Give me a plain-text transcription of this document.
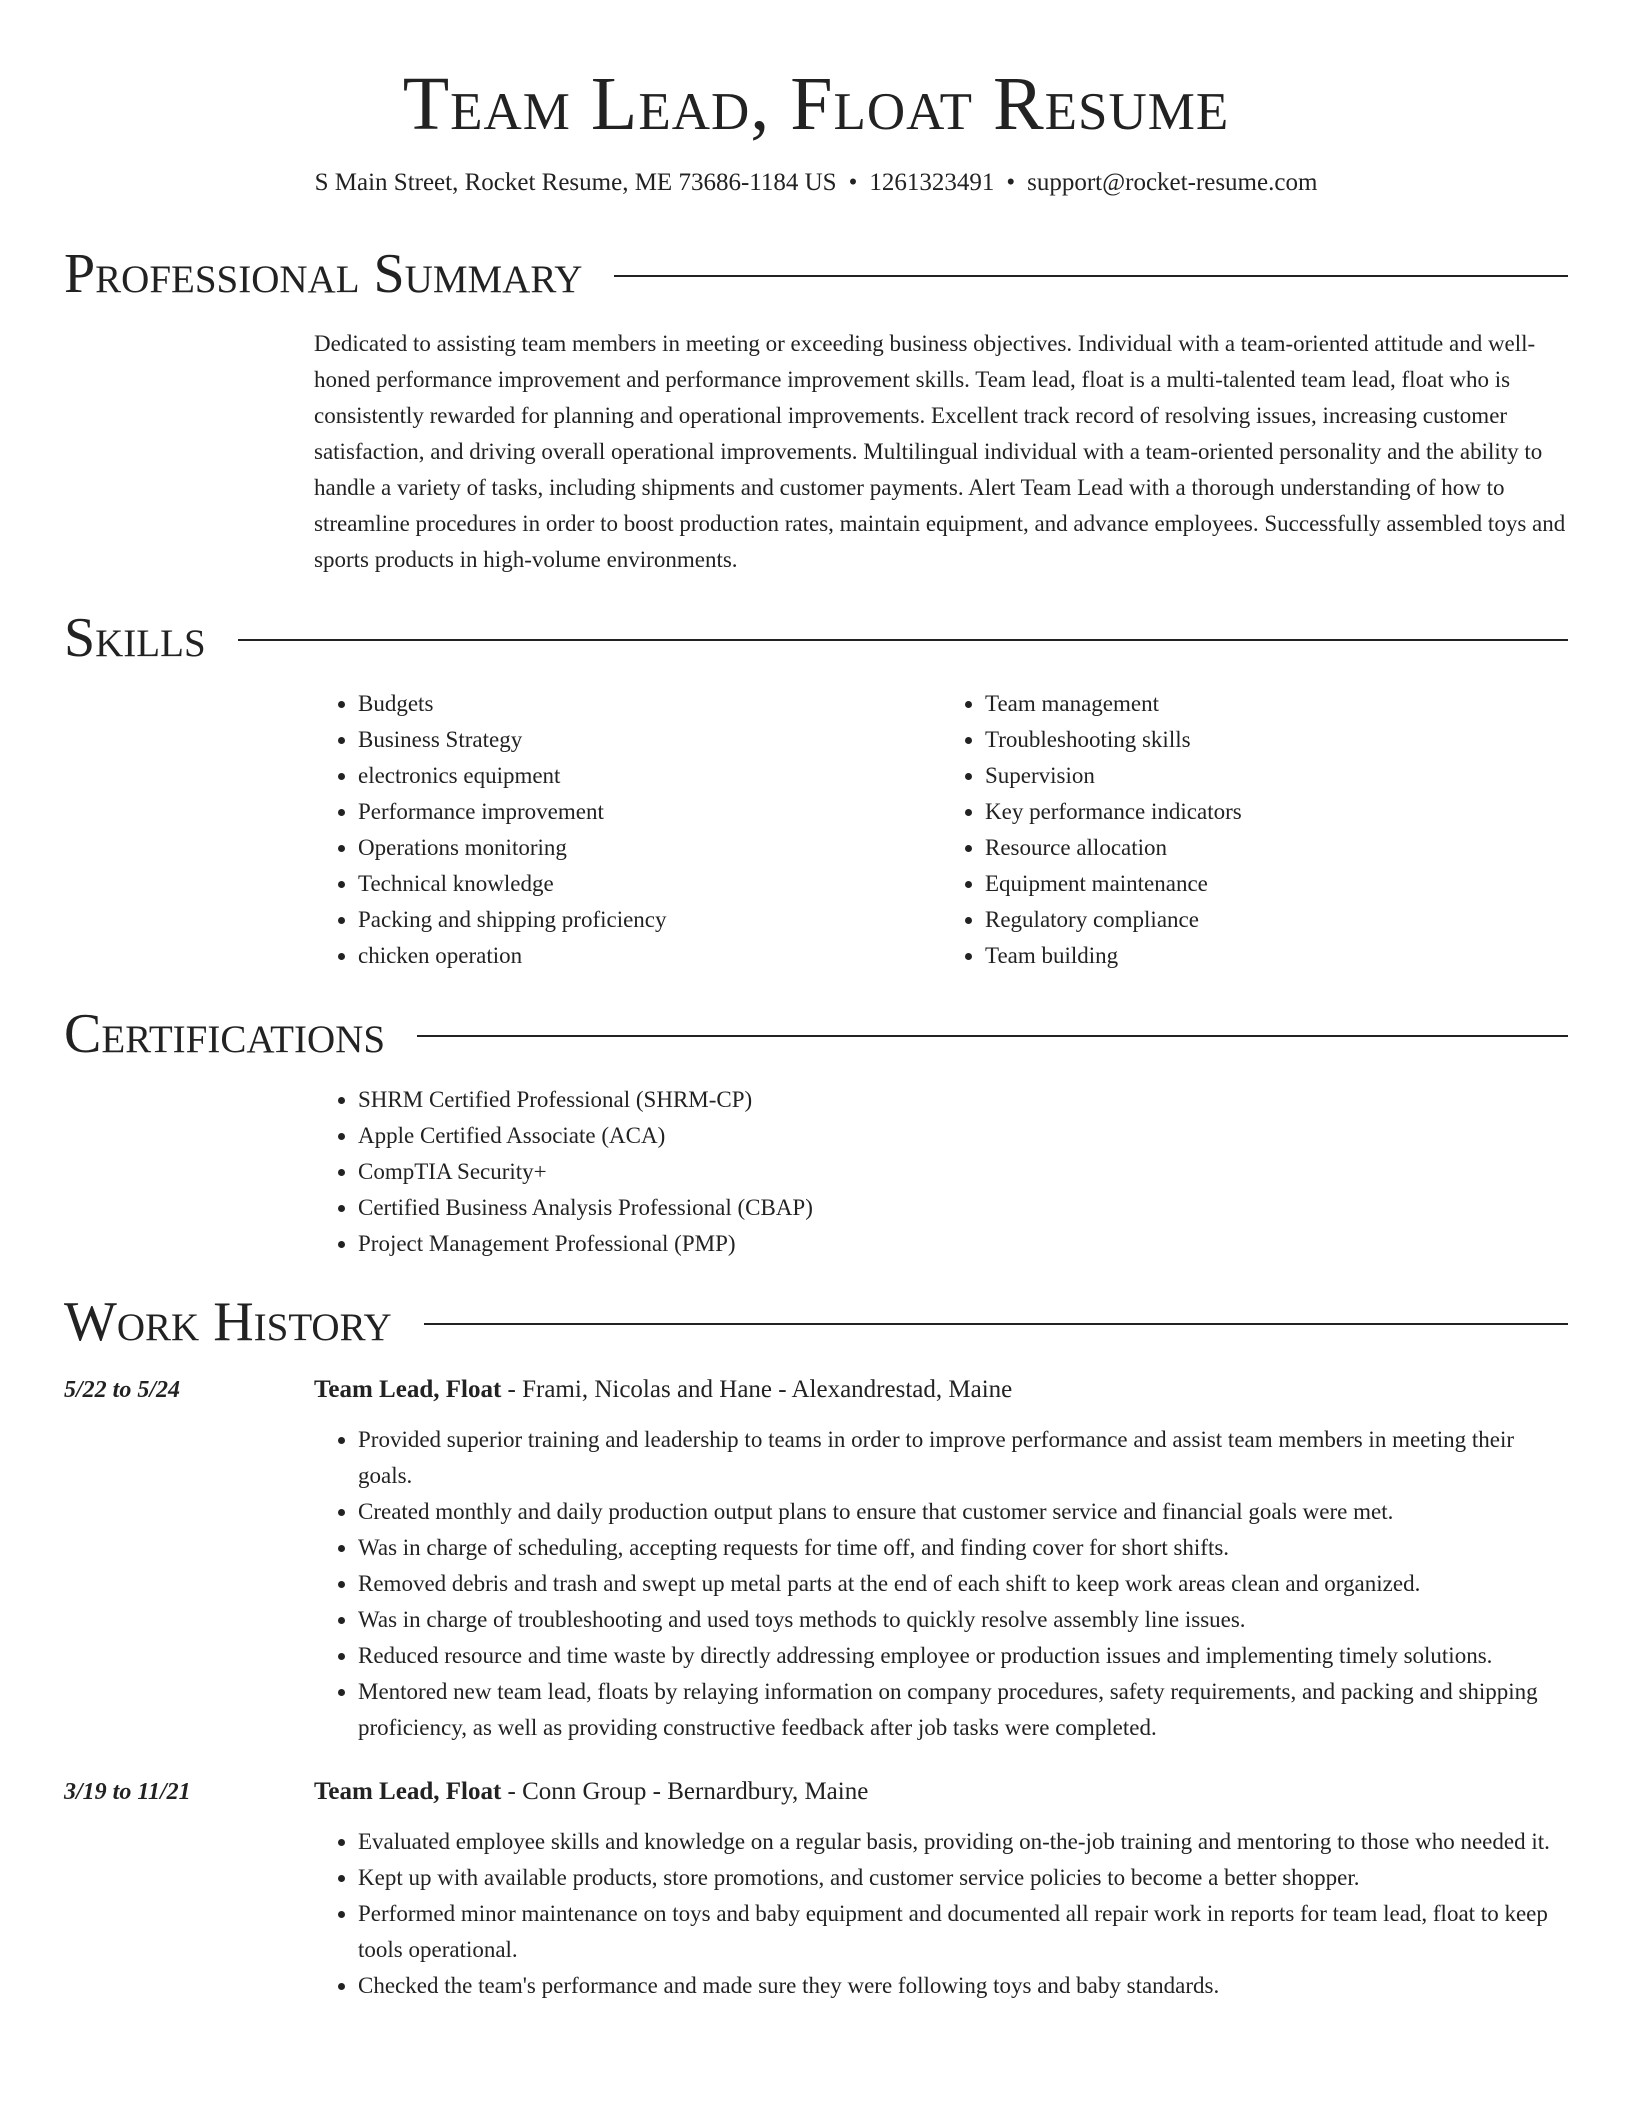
Team Lead, Float Resume
S Main Street, Rocket Resume, ME 73686-1184 US • 1261323491 • support@rocket-resume.com
Professional Summary
Dedicated to assisting team members in meeting or exceeding business objectives. Individual with a team-oriented attitude and well-honed performance improvement and performance improvement skills. Team lead, float is a multi-talented team lead, float who is consistently rewarded for planning and operational improvements. Excellent track record of resolving issues, increasing customer satisfaction, and driving overall operational improvements. Multilingual individual with a team-oriented personality and the ability to handle a variety of tasks, including shipments and customer payments. Alert Team Lead with a thorough understanding of how to streamline procedures in order to boost production rates, maintain equipment, and advance employees. Successfully assembled toys and sports products in high-volume environments.
Skills
• Budgets
• Business Strategy
• electronics equipment
• Performance improvement
• Operations monitoring
• Technical knowledge
• Packing and shipping proficiency
• chicken operation
• Team management
• Troubleshooting skills
• Supervision
• Key performance indicators
• Resource allocation
• Equipment maintenance
• Regulatory compliance
• Team building
Certifications
• SHRM Certified Professional (SHRM-CP)
• Apple Certified Associate (ACA)
• CompTIA Security+
• Certified Business Analysis Professional (CBAP)
• Project Management Professional (PMP)
Work History
5/22 to 5/24	Team Lead, Float - Frami, Nicolas and Hane - Alexandrestad, Maine
• Provided superior training and leadership to teams in order to improve performance and assist team members in meeting their goals.
• Created monthly and daily production output plans to ensure that customer service and financial goals were met.
• Was in charge of scheduling, accepting requests for time off, and finding cover for short shifts.
• Removed debris and trash and swept up metal parts at the end of each shift to keep work areas clean and organized.
• Was in charge of troubleshooting and used toys methods to quickly resolve assembly line issues.
• Reduced resource and time waste by directly addressing employee or production issues and implementing timely solutions.
• Mentored new team lead, floats by relaying information on company procedures, safety requirements, and packing and shipping proficiency, as well as providing constructive feedback after job tasks were completed.
3/19 to 11/21	Team Lead, Float - Conn Group - Bernardbury, Maine
• Evaluated employee skills and knowledge on a regular basis, providing on-the-job training and mentoring to those who needed it.
• Kept up with available products, store promotions, and customer service policies to become a better shopper.
• Performed minor maintenance on toys and baby equipment and documented all repair work in reports for team lead, float to keep tools operational.
• Checked the team's performance and made sure they were following toys and baby standards.
